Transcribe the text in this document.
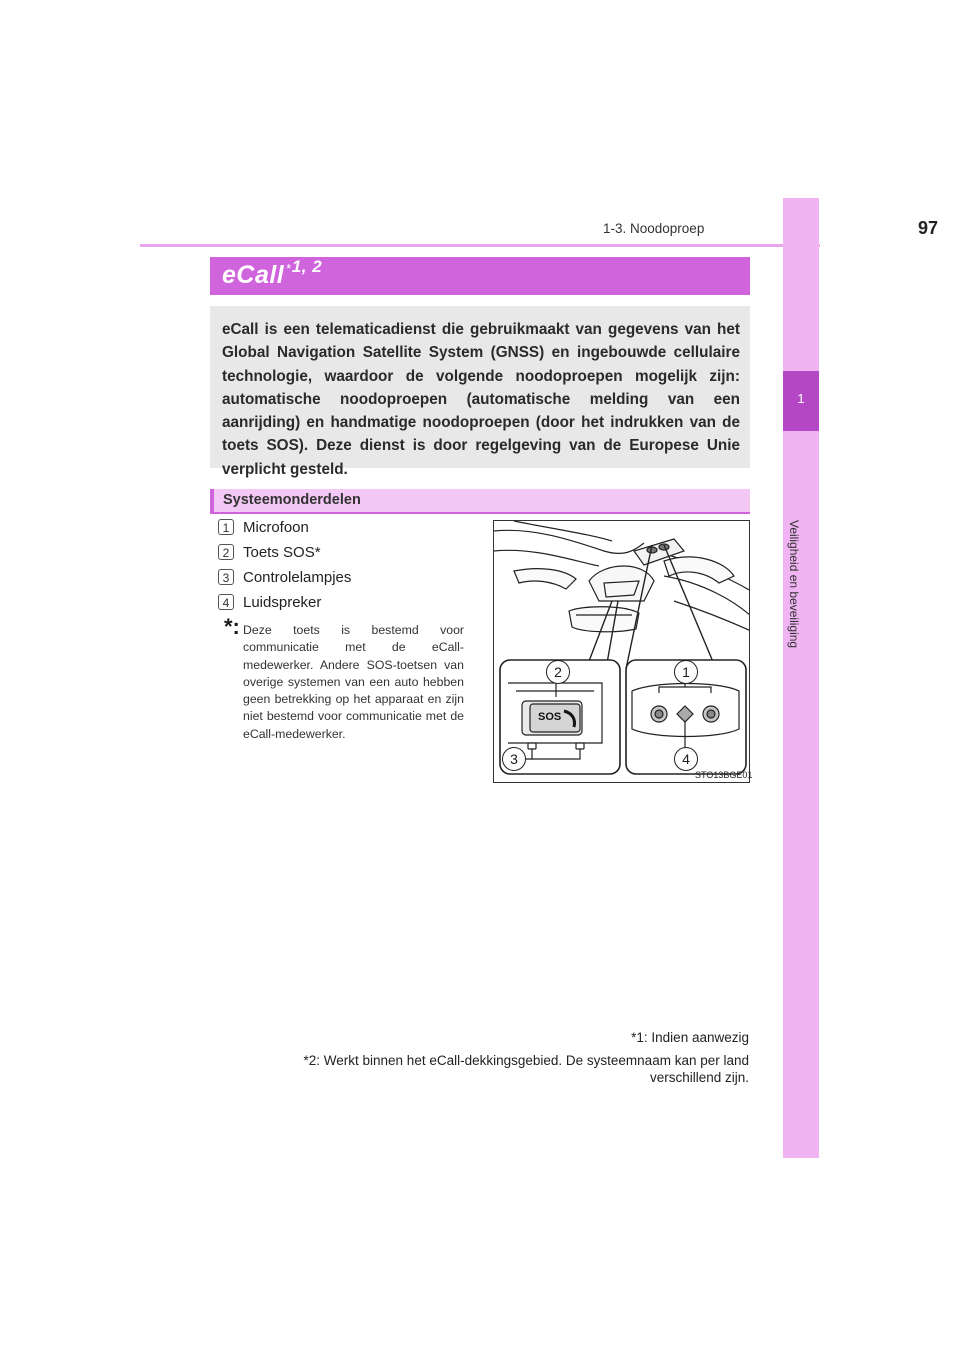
1-3. Noodoproep	97
1
Veiligheid en beveiliging
eCall $^{*1, 2}$
eCall is een telematicadienst die gebruikmaakt van gegevens van het Global Navigation Satellite System (GNSS) en ingebouwde cellulaire technologie, waardoor de volgende noodoproepen mogelijk zijn: automatische noodoproepen (automatische melding van een aanrijding) en handmatige noodoproepen (door het indrukken van de toets SOS). Deze dienst is door regelgeving van de Europese Unie verplicht gesteld.
Systeemonderdelen
1 Microfoon
2 Toets SOS*
3 Controlelampjes
4 Luidspreker
*: Deze toets is bestemd voor communicatie met de eCall-medewerker. Andere SOS-toetsen van overige systemen van een auto hebben geen betrekking op het apparaat en zijn niet bestemd voor communicatie met de eCall-medewerker.
2	1
3	4
SOS
STO13BGE01
*1: Indien aanwezig
*2: Werkt binnen het eCall-dekkingsgebied. De systeemnaam kan per land verschillend zijn.
